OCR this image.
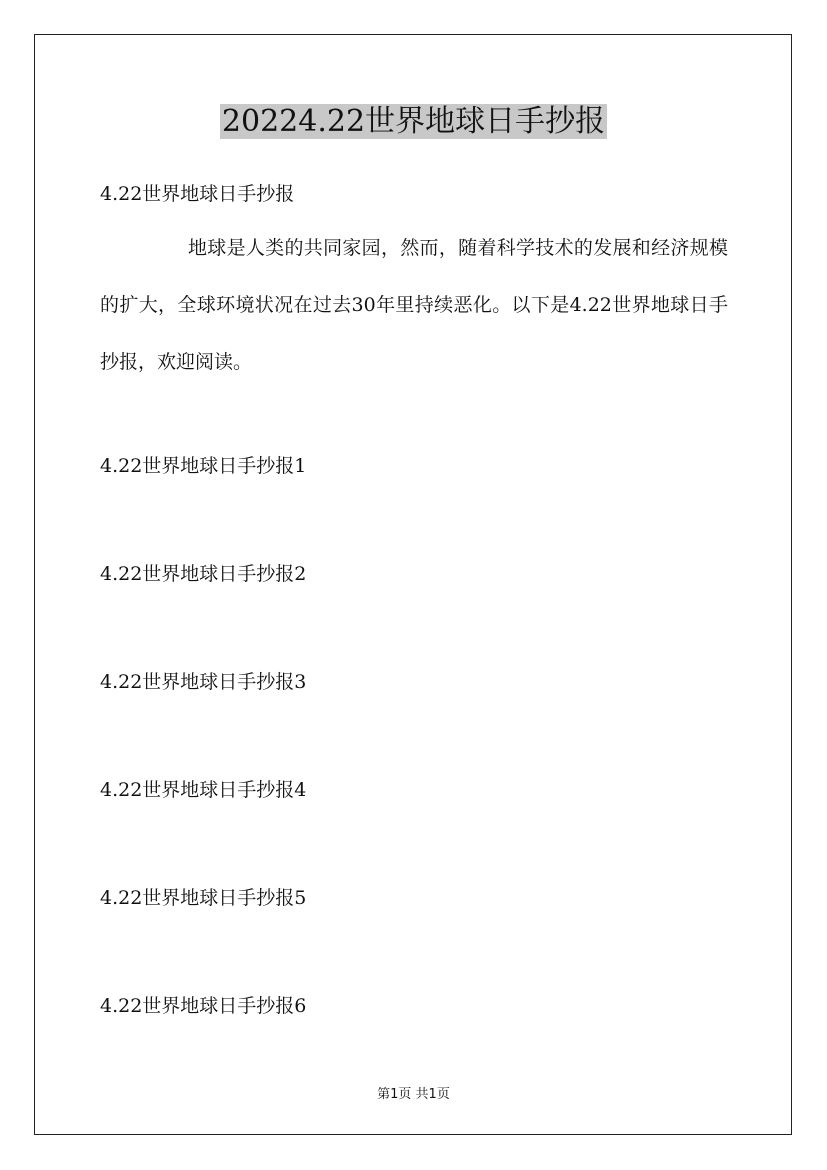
20224.22世界地球日手抄报
4.22世界地球日手抄报
地球是人类的共同家园，然而，随着科学技术的发展和经济规模的扩大，全球环境状况在过去30年里持续恶化。以下是4.22世界地球日手抄报，欢迎阅读。
4.22世界地球日手抄报1
4.22世界地球日手抄报2
4.22世界地球日手抄报3
4.22世界地球日手抄报4
4.22世界地球日手抄报5
4.22世界地球日手抄报6
第1页 共1页
